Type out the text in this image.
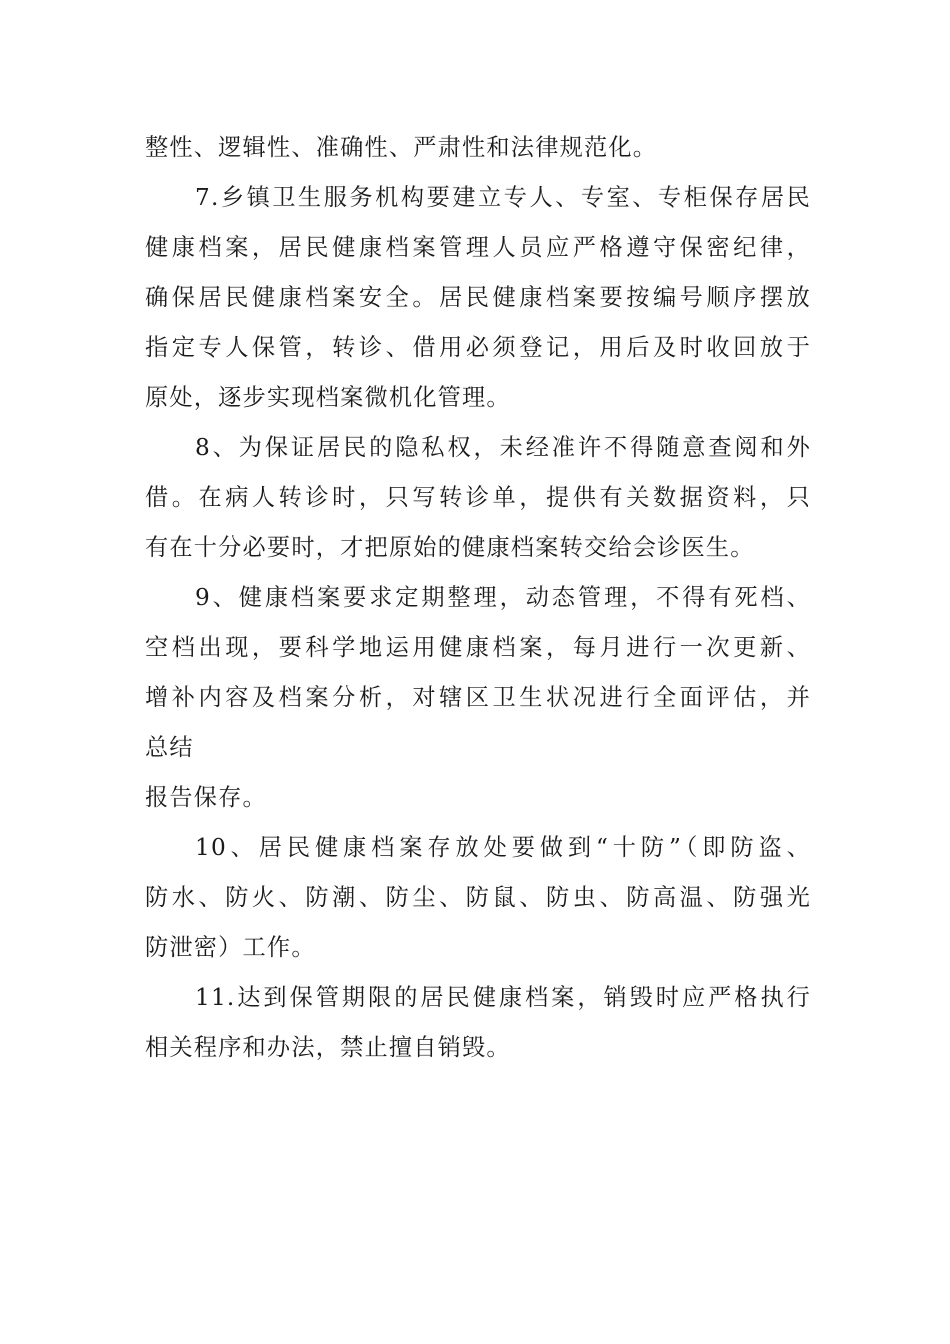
整性、逻辑性、准确性、严肃性和法律规范化。
7.乡镇卫生服务机构要建立专人、专室、专柜保存居民
健康档案，居民健康档案管理人员应严格遵守保密纪律，
确保居民健康档案安全。居民健康档案要按编号顺序摆放
指定专人保管，转诊、借用必须登记，用后及时收回放于
原处，逐步实现档案微机化管理。
8、为保证居民的隐私权，未经准许不得随意查阅和外
借。在病人转诊时，只写转诊单，提供有关数据资料，只
有在十分必要时，才把原始的健康档案转交给会诊医生。
9、健康档案要求定期整理，动态管理，不得有死档、
空档出现，要科学地运用健康档案，每月进行一次更新、
增补内容及档案分析，对辖区卫生状况进行全面评估，并
总结
报告保存。
10、居民健康档案存放处要做到“十防”（即防盗、
防水、防火、防潮、防尘、防鼠、防虫、防高温、防强光
防泄密）工作。
11.达到保管期限的居民健康档案，销毁时应严格执行
相关程序和办法，禁止擅自销毁。
